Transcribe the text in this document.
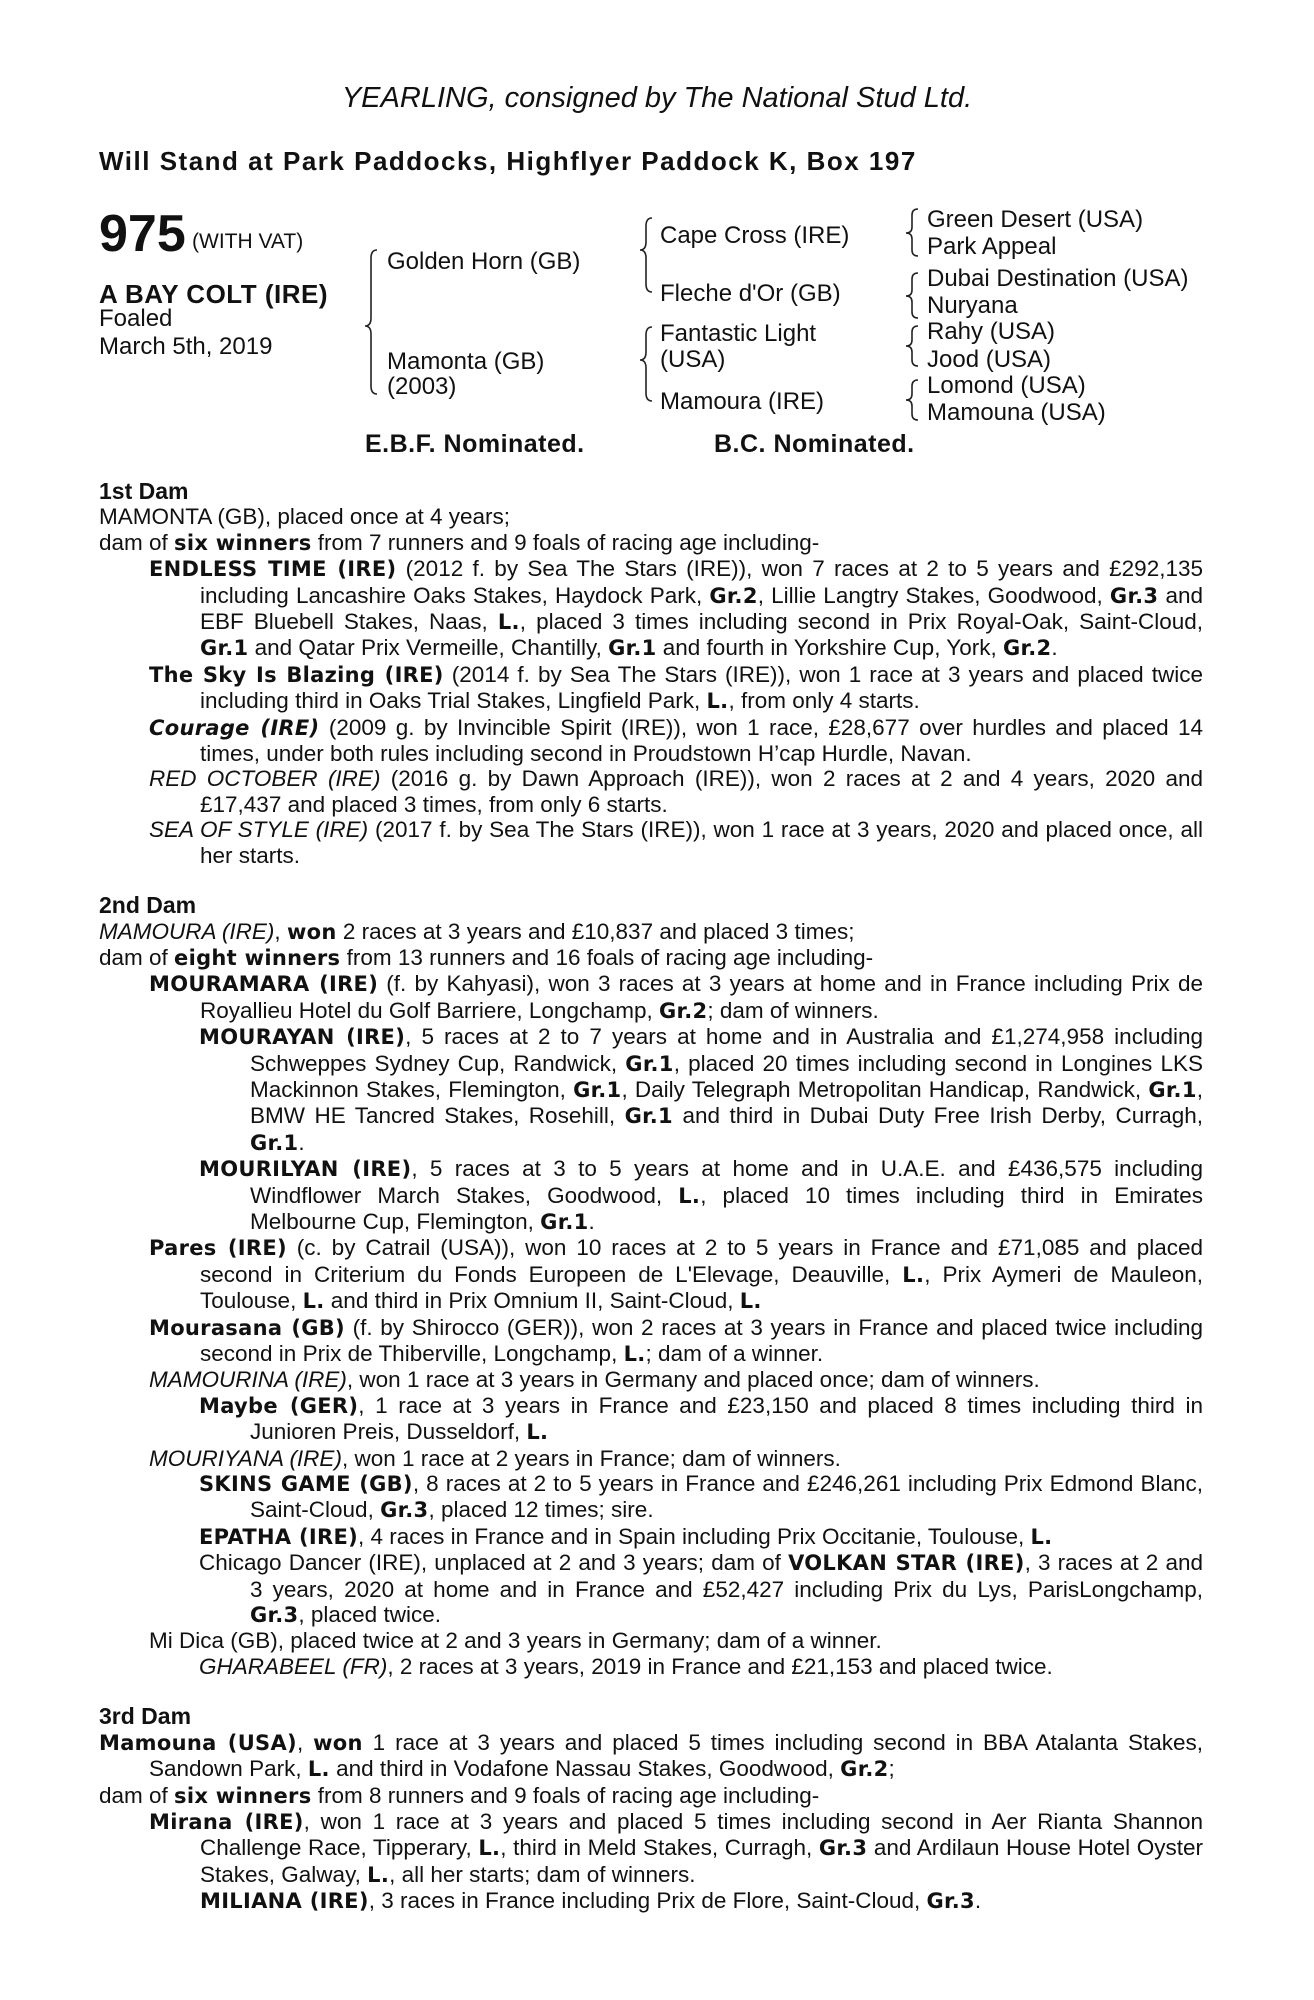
YEARLING, consigned by The National Stud Ltd.
Will Stand at Park Paddocks, Highflyer Paddock K, Box 197
975 (WITH VAT)
A BAY COLT (IRE)
Foaled
March 5th, 2019
Golden Horn (GB)
Mamonta (GB)
(2003)
Cape Cross (IRE)
Fleche d'Or (GB)
Fantastic Light
(USA)
Mamoura (IRE)
Green Desert (USA)
Park Appeal
Dubai Destination (USA)
Nuryana
Rahy (USA)
Jood (USA)
Lomond (USA)
Mamouna (USA)
E.B.F. Nominated.	B.C. Nominated.
1st Dam
MAMONTA (GB), placed once at 4 years;
dam of six winners from 7 runners and 9 foals of racing age including-
ENDLESS TIME (IRE) (2012 f. by Sea The Stars (IRE)), won 7 races at 2 to 5 years and £292,135 including Lancashire Oaks Stakes, Haydock Park, Gr.2, Lillie Langtry Stakes, Goodwood, Gr.3 and EBF Bluebell Stakes, Naas, L., placed 3 times including second in Prix Royal-Oak, Saint-Cloud, Gr.1 and Qatar Prix Vermeille, Chantilly, Gr.1 and fourth in Yorkshire Cup, York, Gr.2.
The Sky Is Blazing (IRE) (2014 f. by Sea The Stars (IRE)), won 1 race at 3 years and placed twice including third in Oaks Trial Stakes, Lingfield Park, L., from only 4 starts.
Courage (IRE) (2009 g. by Invincible Spirit (IRE)), won 1 race, £28,677 over hurdles and placed 14 times, under both rules including second in Proudstown H’cap Hurdle, Navan.
RED OCTOBER (IRE) (2016 g. by Dawn Approach (IRE)), won 2 races at 2 and 4 years, 2020 and £17,437 and placed 3 times, from only 6 starts.
SEA OF STYLE (IRE) (2017 f. by Sea The Stars (IRE)), won 1 race at 3 years, 2020 and placed once, all her starts.
2nd Dam
MAMOURA (IRE), won 2 races at 3 years and £10,837 and placed 3 times;
dam of eight winners from 13 runners and 16 foals of racing age including-
MOURAMARA (IRE) (f. by Kahyasi), won 3 races at 3 years at home and in France including Prix de Royallieu Hotel du Golf Barriere, Longchamp, Gr.2; dam of winners.
MOURAYAN (IRE), 5 races at 2 to 7 years at home and in Australia and £1,274,958 including Schweppes Sydney Cup, Randwick, Gr.1, placed 20 times including second in Longines LKS Mackinnon Stakes, Flemington, Gr.1, Daily Telegraph Metropolitan Handicap, Randwick, Gr.1, BMW HE Tancred Stakes, Rosehill, Gr.1 and third in Dubai Duty Free Irish Derby, Curragh, Gr.1.
MOURILYAN (IRE), 5 races at 3 to 5 years at home and in U.A.E. and £436,575 including Windflower March Stakes, Goodwood, L., placed 10 times including third in Emirates Melbourne Cup, Flemington, Gr.1.
Pares (IRE) (c. by Catrail (USA)), won 10 races at 2 to 5 years in France and £71,085 and placed second in Criterium du Fonds Europeen de L'Elevage, Deauville, L., Prix Aymeri de Mauleon, Toulouse, L. and third in Prix Omnium II, Saint-Cloud, L.
Mourasana (GB) (f. by Shirocco (GER)), won 2 races at 3 years in France and placed twice including second in Prix de Thiberville, Longchamp, L.; dam of a winner.
MAMOURINA (IRE), won 1 race at 3 years in Germany and placed once; dam of winners.
Maybe (GER), 1 race at 3 years in France and £23,150 and placed 8 times including third in Junioren Preis, Dusseldorf, L.
MOURIYANA (IRE), won 1 race at 2 years in France; dam of winners.
SKINS GAME (GB), 8 races at 2 to 5 years in France and £246,261 including Prix Edmond Blanc, Saint-Cloud, Gr.3, placed 12 times; sire.
EPATHA (IRE), 4 races in France and in Spain including Prix Occitanie, Toulouse, L.
Chicago Dancer (IRE), unplaced at 2 and 3 years; dam of VOLKAN STAR (IRE), 3 races at 2 and 3 years, 2020 at home and in France and £52,427 including Prix du Lys, ParisLongchamp, Gr.3, placed twice.
Mi Dica (GB), placed twice at 2 and 3 years in Germany; dam of a winner.
GHARABEEL (FR), 2 races at 3 years, 2019 in France and £21,153 and placed twice.
3rd Dam
Mamouna (USA), won 1 race at 3 years and placed 5 times including second in BBA Atalanta Stakes, Sandown Park, L. and third in Vodafone Nassau Stakes, Goodwood, Gr.2;
dam of six winners from 8 runners and 9 foals of racing age including-
Mirana (IRE), won 1 race at 3 years and placed 5 times including second in Aer Rianta Shannon Challenge Race, Tipperary, L., third in Meld Stakes, Curragh, Gr.3 and Ardilaun House Hotel Oyster Stakes, Galway, L., all her starts; dam of winners.
MILIANA (IRE), 3 races in France including Prix de Flore, Saint-Cloud, Gr.3.
